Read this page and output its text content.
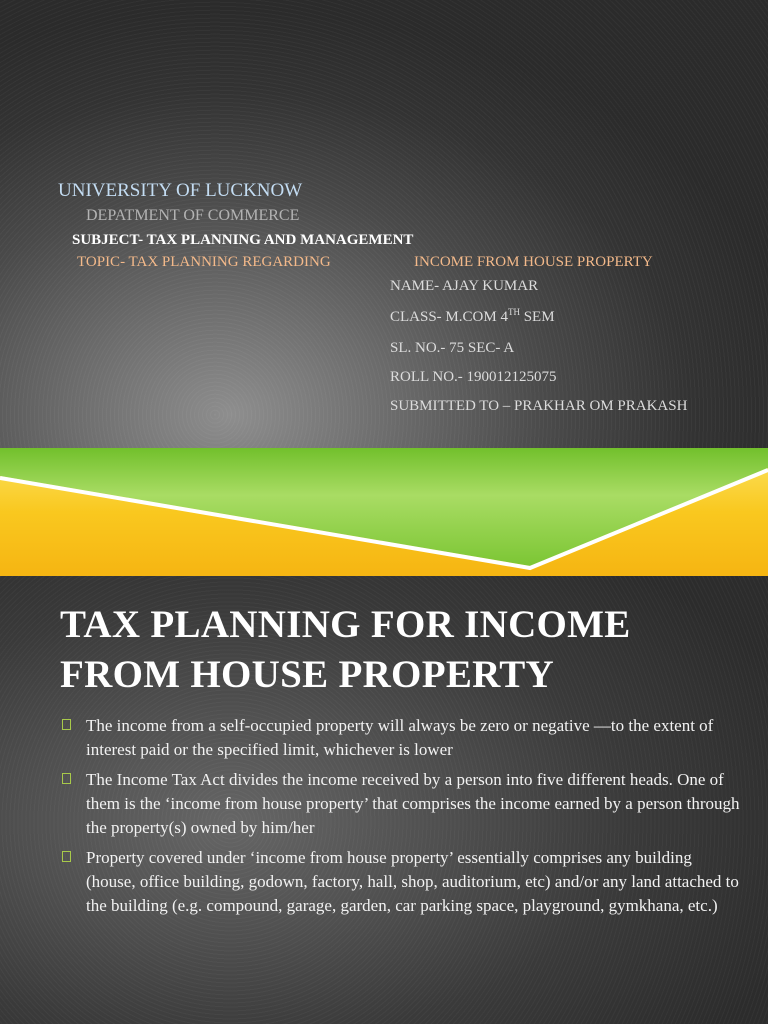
UNIVERSITY OF LUCKNOW

DEPATMENT OF COMMERCE

SUBJECT- TAX PLANNING AND MANAGEMENT

TOPIC- TAX PLANNING REGARDING	INCOME FROM HOUSE PROPERTY

NAME- AJAY KUMAR
CLASS- M.COM 4TH SEM
SL. NO.- 75 SEC- A
ROLL NO.- 190012125075
SUBMITTED TO – PRAKHAR OM PRAKASH
TAX PLANNING FOR INCOME FROM HOUSE PROPERTY
The income from a self-occupied property will always be zero or negative —to the extent of interest paid or the specified limit, whichever is lower
The Income Tax Act divides the income received by a person into five different heads. One of them is the ‘income from house property’ that comprises the income earned by a person through the property(s) owned by him/her
Property covered under ‘income from house property’ essentially comprises any building (house, office building, godown, factory, hall, shop, auditorium, etc) and/or any land attached to the building (e.g. compound, garage, garden, car parking space, playground, gymkhana, etc.)
